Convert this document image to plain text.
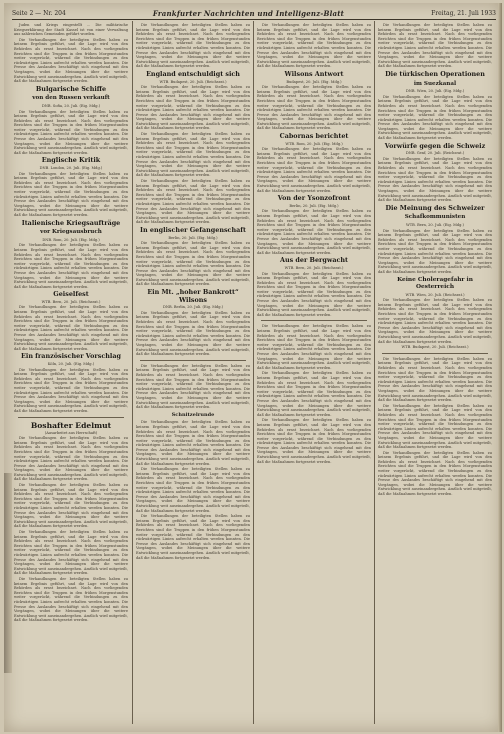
Seite 2 — Nr. 204	Frankfurter Nachrichten und Intelligenz-Blatt	Freitag, 21. Juli 1933

Juden und Kriegs eingestellt ... Die militärische Kriegserklärung der Stadt Kassel ist von einer Verwaltung aus zahlreichen Gemeinden geführt worden.

Die Verhandlungen der beteiligten Stellen haben zu keinem Ergebnis geführt, und die Lage wird von den Behörden als ernst bezeichnet. Nach den vorliegenden Berichten sind die Truppen in den frühen Morgenstunden weiter vorgerückt, während die Verbindungen zu den rückwärtigen Linien aufrecht erhalten werden konnten. Die Presse des Auslandes beschäftigt sich eingehend mit den Vorgängen, wobei die Meinungen über die weitere Entwicklung weit auseinandergehen. Amtlich wird mitgeteilt, daß die Maßnahmen fortgesetzt werden.

Bulgarische Schiffe
von den Russen verkauft
DNB. Sofia, 20. Juli. (Eig. Mdg.)

Die Verhandlungen der beteiligten Stellen haben zu keinem Ergebnis geführt, und die Lage wird von den Behörden als ernst bezeichnet. Nach den vorliegenden Berichten sind die Truppen in den frühen Morgenstunden weiter vorgerückt, während die Verbindungen zu den rückwärtigen Linien aufrecht erhalten werden konnten. Die Presse des Auslandes beschäftigt sich eingehend mit den Vorgängen, wobei die Meinungen über die weitere Entwicklung weit auseinandergehen. Amtlich wird mitgeteilt, daß die Maßnahmen fortgesetzt werden.

Englische Kritik
DNB. London, 20. Juli. (Eig. Mdg.)

Die Verhandlungen der beteiligten Stellen haben zu keinem Ergebnis geführt, und die Lage wird von den Behörden als ernst bezeichnet. Nach den vorliegenden Berichten sind die Truppen in den frühen Morgenstunden weiter vorgerückt, während die Verbindungen zu den rückwärtigen Linien aufrecht erhalten werden konnten. Die Presse des Auslandes beschäftigt sich eingehend mit den Vorgängen, wobei die Meinungen über die weitere Entwicklung weit auseinandergehen. Amtlich wird mitgeteilt, daß die Maßnahmen fortgesetzt werden.

Italienische Kriegsaufträge
vor Kriegsausbruch
DNB. Rom, 20. Juli. (Eig. Mdg.)

Die Verhandlungen der beteiligten Stellen haben zu keinem Ergebnis geführt, und die Lage wird von den Behörden als ernst bezeichnet. Nach den vorliegenden Berichten sind die Truppen in den frühen Morgenstunden weiter vorgerückt, während die Verbindungen zu den rückwärtigen Linien aufrecht erhalten werden konnten. Die Presse des Auslandes beschäftigt sich eingehend mit den Vorgängen, wobei die Meinungen über die weitere Entwicklung weit auseinandergehen. Amtlich wird mitgeteilt, daß die Maßnahmen fortgesetzt werden.

Geiselfest
WTB. Bern, 20. Juli. (Reichsrat.)

Die Verhandlungen der beteiligten Stellen haben zu keinem Ergebnis geführt, und die Lage wird von den Behörden als ernst bezeichnet. Nach den vorliegenden Berichten sind die Truppen in den frühen Morgenstunden weiter vorgerückt, während die Verbindungen zu den rückwärtigen Linien aufrecht erhalten werden konnten. Die Presse des Auslandes beschäftigt sich eingehend mit den Vorgängen, wobei die Meinungen über die weitere Entwicklung weit auseinandergehen. Amtlich wird mitgeteilt, daß die Maßnahmen fortgesetzt werden.

Ein französischer Vorschlag
Köln, 20. Juli. (Eig. Mdg.)

Die Verhandlungen der beteiligten Stellen haben zu keinem Ergebnis geführt, und die Lage wird von den Behörden als ernst bezeichnet. Nach den vorliegenden Berichten sind die Truppen in den frühen Morgenstunden weiter vorgerückt, während die Verbindungen zu den rückwärtigen Linien aufrecht erhalten werden konnten. Die Presse des Auslandes beschäftigt sich eingehend mit den Vorgängen, wobei die Meinungen über die weitere Entwicklung weit auseinandergehen. Amtlich wird mitgeteilt, daß die Maßnahmen fortgesetzt werden.

Boshafter Edelmut
(Ausarbeitet aus Herrschaft)

Die Verhandlungen der beteiligten Stellen haben zu keinem Ergebnis geführt, und die Lage wird von den Behörden als ernst bezeichnet. Nach den vorliegenden Berichten sind die Truppen in den frühen Morgenstunden weiter vorgerückt, während die Verbindungen zu den rückwärtigen Linien aufrecht erhalten werden konnten. Die Presse des Auslandes beschäftigt sich eingehend mit den Vorgängen, wobei die Meinungen über die weitere Entwicklung weit auseinandergehen. Amtlich wird mitgeteilt, daß die Maßnahmen fortgesetzt werden.

Die Verhandlungen der beteiligten Stellen haben zu keinem Ergebnis geführt, und die Lage wird von den Behörden als ernst bezeichnet. Nach den vorliegenden Berichten sind die Truppen in den frühen Morgenstunden weiter vorgerückt, während die Verbindungen zu den rückwärtigen Linien aufrecht erhalten werden konnten. Die Presse des Auslandes beschäftigt sich eingehend mit den Vorgängen, wobei die Meinungen über die weitere Entwicklung weit auseinandergehen. Amtlich wird mitgeteilt, daß die Maßnahmen fortgesetzt werden.

Die Verhandlungen der beteiligten Stellen haben zu keinem Ergebnis geführt, und die Lage wird von den Behörden als ernst bezeichnet. Nach den vorliegenden Berichten sind die Truppen in den frühen Morgenstunden weiter vorgerückt, während die Verbindungen zu den rückwärtigen Linien aufrecht erhalten werden konnten. Die Presse des Auslandes beschäftigt sich eingehend mit den Vorgängen, wobei die Meinungen über die weitere Entwicklung weit auseinandergehen. Amtlich wird mitgeteilt, daß die Maßnahmen fortgesetzt werden.

Die Verhandlungen der beteiligten Stellen haben zu keinem Ergebnis geführt, und die Lage wird von den Behörden als ernst bezeichnet. Nach den vorliegenden Berichten sind die Truppen in den frühen Morgenstunden weiter vorgerückt, während die Verbindungen zu den rückwärtigen Linien aufrecht erhalten werden konnten. Die Presse des Auslandes beschäftigt sich eingehend mit den Vorgängen, wobei die Meinungen über die weitere Entwicklung weit auseinandergehen. Amtlich wird mitgeteilt, daß die Maßnahmen fortgesetzt werden.

Die Verhandlungen der beteiligten Stellen haben zu keinem Ergebnis geführt, und die Lage wird von den Behörden als ernst bezeichnet. Nach den vorliegenden Berichten sind die Truppen in den frühen Morgenstunden weiter vorgerückt, während die Verbindungen zu den rückwärtigen Linien aufrecht erhalten werden konnten. Die Presse des Auslandes beschäftigt sich eingehend mit den Vorgängen, wobei die Meinungen über die weitere Entwicklung weit auseinandergehen. Amtlich wird mitgeteilt, daß die Maßnahmen fortgesetzt werden.

England entschuldigt sich
WTB. Budapest, 20. Juli. (Reichsrat.)

Die Verhandlungen der beteiligten Stellen haben zu keinem Ergebnis geführt, und die Lage wird von den Behörden als ernst bezeichnet. Nach den vorliegenden Berichten sind die Truppen in den frühen Morgenstunden weiter vorgerückt, während die Verbindungen zu den rückwärtigen Linien aufrecht erhalten werden konnten. Die Presse des Auslandes beschäftigt sich eingehend mit den Vorgängen, wobei die Meinungen über die weitere Entwicklung weit auseinandergehen. Amtlich wird mitgeteilt, daß die Maßnahmen fortgesetzt werden.

Die Verhandlungen der beteiligten Stellen haben zu keinem Ergebnis geführt, und die Lage wird von den Behörden als ernst bezeichnet. Nach den vorliegenden Berichten sind die Truppen in den frühen Morgenstunden weiter vorgerückt, während die Verbindungen zu den rückwärtigen Linien aufrecht erhalten werden konnten. Die Presse des Auslandes beschäftigt sich eingehend mit den Vorgängen, wobei die Meinungen über die weitere Entwicklung weit auseinandergehen. Amtlich wird mitgeteilt, daß die Maßnahmen fortgesetzt werden.

Die Verhandlungen der beteiligten Stellen haben zu keinem Ergebnis geführt, und die Lage wird von den Behörden als ernst bezeichnet. Nach den vorliegenden Berichten sind die Truppen in den frühen Morgenstunden weiter vorgerückt, während die Verbindungen zu den rückwärtigen Linien aufrecht erhalten werden konnten. Die Presse des Auslandes beschäftigt sich eingehend mit den Vorgängen, wobei die Meinungen über die weitere Entwicklung weit auseinandergehen. Amtlich wird mitgeteilt, daß die Maßnahmen fortgesetzt werden.

In englischer Gefangenschaft
Berlin, 20. Juli. (Eig. Mdg.)

Die Verhandlungen der beteiligten Stellen haben zu keinem Ergebnis geführt, und die Lage wird von den Behörden als ernst bezeichnet. Nach den vorliegenden Berichten sind die Truppen in den frühen Morgenstunden weiter vorgerückt, während die Verbindungen zu den rückwärtigen Linien aufrecht erhalten werden konnten. Die Presse des Auslandes beschäftigt sich eingehend mit den Vorgängen, wobei die Meinungen über die weitere Entwicklung weit auseinandergehen. Amtlich wird mitgeteilt, daß die Maßnahmen fortgesetzt werden.

Ein Mt. „hoher Bankrott“ Wilsons
DNB. Berlin, 20. Juli. (Eig. Mdg.)

Die Verhandlungen der beteiligten Stellen haben zu keinem Ergebnis geführt, und die Lage wird von den Behörden als ernst bezeichnet. Nach den vorliegenden Berichten sind die Truppen in den frühen Morgenstunden weiter vorgerückt, während die Verbindungen zu den rückwärtigen Linien aufrecht erhalten werden konnten. Die Presse des Auslandes beschäftigt sich eingehend mit den Vorgängen, wobei die Meinungen über die weitere Entwicklung weit auseinandergehen. Amtlich wird mitgeteilt, daß die Maßnahmen fortgesetzt werden.

Die Verhandlungen der beteiligten Stellen haben zu keinem Ergebnis geführt, und die Lage wird von den Behörden als ernst bezeichnet. Nach den vorliegenden Berichten sind die Truppen in den frühen Morgenstunden weiter vorgerückt, während die Verbindungen zu den rückwärtigen Linien aufrecht erhalten werden konnten. Die Presse des Auslandes beschäftigt sich eingehend mit den Vorgängen, wobei die Meinungen über die weitere Entwicklung weit auseinandergehen. Amtlich wird mitgeteilt, daß die Maßnahmen fortgesetzt werden.

Schnitzelrunde

Die Verhandlungen der beteiligten Stellen haben zu keinem Ergebnis geführt, und die Lage wird von den Behörden als ernst bezeichnet. Nach den vorliegenden Berichten sind die Truppen in den frühen Morgenstunden weiter vorgerückt, während die Verbindungen zu den rückwärtigen Linien aufrecht erhalten werden konnten. Die Presse des Auslandes beschäftigt sich eingehend mit den Vorgängen, wobei die Meinungen über die weitere Entwicklung weit auseinandergehen. Amtlich wird mitgeteilt, daß die Maßnahmen fortgesetzt werden.

Die Verhandlungen der beteiligten Stellen haben zu keinem Ergebnis geführt, und die Lage wird von den Behörden als ernst bezeichnet. Nach den vorliegenden Berichten sind die Truppen in den frühen Morgenstunden weiter vorgerückt, während die Verbindungen zu den rückwärtigen Linien aufrecht erhalten werden konnten. Die Presse des Auslandes beschäftigt sich eingehend mit den Vorgängen, wobei die Meinungen über die weitere Entwicklung weit auseinandergehen. Amtlich wird mitgeteilt, daß die Maßnahmen fortgesetzt werden.

Die Verhandlungen der beteiligten Stellen haben zu keinem Ergebnis geführt, und die Lage wird von den Behörden als ernst bezeichnet. Nach den vorliegenden Berichten sind die Truppen in den frühen Morgenstunden weiter vorgerückt, während die Verbindungen zu den rückwärtigen Linien aufrecht erhalten werden konnten. Die Presse des Auslandes beschäftigt sich eingehend mit den Vorgängen, wobei die Meinungen über die weitere Entwicklung weit auseinandergehen. Amtlich wird mitgeteilt, daß die Maßnahmen fortgesetzt werden.

Die Verhandlungen der beteiligten Stellen haben zu keinem Ergebnis geführt, und die Lage wird von den Behörden als ernst bezeichnet. Nach den vorliegenden Berichten sind die Truppen in den frühen Morgenstunden weiter vorgerückt, während die Verbindungen zu den rückwärtigen Linien aufrecht erhalten werden konnten. Die Presse des Auslandes beschäftigt sich eingehend mit den Vorgängen, wobei die Meinungen über die weitere Entwicklung weit auseinandergehen. Amtlich wird mitgeteilt, daß die Maßnahmen fortgesetzt werden.

Wilsons Antwort
Budapest, 20. Juli. (Eig. Mdg.)

Die Verhandlungen der beteiligten Stellen haben zu keinem Ergebnis geführt, und die Lage wird von den Behörden als ernst bezeichnet. Nach den vorliegenden Berichten sind die Truppen in den frühen Morgenstunden weiter vorgerückt, während die Verbindungen zu den rückwärtigen Linien aufrecht erhalten werden konnten. Die Presse des Auslandes beschäftigt sich eingehend mit den Vorgängen, wobei die Meinungen über die weitere Entwicklung weit auseinandergehen. Amtlich wird mitgeteilt, daß die Maßnahmen fortgesetzt werden.

Cabornas berichtet
WTB. Rom, 20. Juli. (Eig. Mdg.)

Die Verhandlungen der beteiligten Stellen haben zu keinem Ergebnis geführt, und die Lage wird von den Behörden als ernst bezeichnet. Nach den vorliegenden Berichten sind die Truppen in den frühen Morgenstunden weiter vorgerückt, während die Verbindungen zu den rückwärtigen Linien aufrecht erhalten werden konnten. Die Presse des Auslandes beschäftigt sich eingehend mit den Vorgängen, wobei die Meinungen über die weitere Entwicklung weit auseinandergehen. Amtlich wird mitgeteilt, daß die Maßnahmen fortgesetzt werden.

Von der Ysonzofront
Berlin, 20. Juli. (Eig. Mdg.)

Die Verhandlungen der beteiligten Stellen haben zu keinem Ergebnis geführt, und die Lage wird von den Behörden als ernst bezeichnet. Nach den vorliegenden Berichten sind die Truppen in den frühen Morgenstunden weiter vorgerückt, während die Verbindungen zu den rückwärtigen Linien aufrecht erhalten werden konnten. Die Presse des Auslandes beschäftigt sich eingehend mit den Vorgängen, wobei die Meinungen über die weitere Entwicklung weit auseinandergehen. Amtlich wird mitgeteilt, daß die Maßnahmen fortgesetzt werden.

Aus der Bergwacht
WTB. Bern, 20. Juli. (Reichsrat.)

Die Verhandlungen der beteiligten Stellen haben zu keinem Ergebnis geführt, und die Lage wird von den Behörden als ernst bezeichnet. Nach den vorliegenden Berichten sind die Truppen in den frühen Morgenstunden weiter vorgerückt, während die Verbindungen zu den rückwärtigen Linien aufrecht erhalten werden konnten. Die Presse des Auslandes beschäftigt sich eingehend mit den Vorgängen, wobei die Meinungen über die weitere Entwicklung weit auseinandergehen. Amtlich wird mitgeteilt, daß die Maßnahmen fortgesetzt werden.

Die Verhandlungen der beteiligten Stellen haben zu keinem Ergebnis geführt, und die Lage wird von den Behörden als ernst bezeichnet. Nach den vorliegenden Berichten sind die Truppen in den frühen Morgenstunden weiter vorgerückt, während die Verbindungen zu den rückwärtigen Linien aufrecht erhalten werden konnten. Die Presse des Auslandes beschäftigt sich eingehend mit den Vorgängen, wobei die Meinungen über die weitere Entwicklung weit auseinandergehen. Amtlich wird mitgeteilt, daß die Maßnahmen fortgesetzt werden.

Die Verhandlungen der beteiligten Stellen haben zu keinem Ergebnis geführt, und die Lage wird von den Behörden als ernst bezeichnet. Nach den vorliegenden Berichten sind die Truppen in den frühen Morgenstunden weiter vorgerückt, während die Verbindungen zu den rückwärtigen Linien aufrecht erhalten werden konnten. Die Presse des Auslandes beschäftigt sich eingehend mit den Vorgängen, wobei die Meinungen über die weitere Entwicklung weit auseinandergehen. Amtlich wird mitgeteilt, daß die Maßnahmen fortgesetzt werden.

Die Verhandlungen der beteiligten Stellen haben zu keinem Ergebnis geführt, und die Lage wird von den Behörden als ernst bezeichnet. Nach den vorliegenden Berichten sind die Truppen in den frühen Morgenstunden weiter vorgerückt, während die Verbindungen zu den rückwärtigen Linien aufrecht erhalten werden konnten. Die Presse des Auslandes beschäftigt sich eingehend mit den Vorgängen, wobei die Meinungen über die weitere Entwicklung weit auseinandergehen. Amtlich wird mitgeteilt, daß die Maßnahmen fortgesetzt werden.

Die Verhandlungen der beteiligten Stellen haben zu keinem Ergebnis geführt, und die Lage wird von den Behörden als ernst bezeichnet. Nach den vorliegenden Berichten sind die Truppen in den frühen Morgenstunden weiter vorgerückt, während die Verbindungen zu den rückwärtigen Linien aufrecht erhalten werden konnten. Die Presse des Auslandes beschäftigt sich eingehend mit den Vorgängen, wobei die Meinungen über die weitere Entwicklung weit auseinandergehen. Amtlich wird mitgeteilt, daß die Maßnahmen fortgesetzt werden.

Die türkischen Operationen
im Suezkanal
DNB. Wien, 20. Juli. (Eig. Mdg.)

Die Verhandlungen der beteiligten Stellen haben zu keinem Ergebnis geführt, und die Lage wird von den Behörden als ernst bezeichnet. Nach den vorliegenden Berichten sind die Truppen in den frühen Morgenstunden weiter vorgerückt, während die Verbindungen zu den rückwärtigen Linien aufrecht erhalten werden konnten. Die Presse des Auslandes beschäftigt sich eingehend mit den Vorgängen, wobei die Meinungen über die weitere Entwicklung weit auseinandergehen. Amtlich wird mitgeteilt, daß die Maßnahmen fortgesetzt werden.

Vorwürfe gegen die Schweiz
DNB. Genf, 20. Juli. (Reichsrat.)

Die Verhandlungen der beteiligten Stellen haben zu keinem Ergebnis geführt, und die Lage wird von den Behörden als ernst bezeichnet. Nach den vorliegenden Berichten sind die Truppen in den frühen Morgenstunden weiter vorgerückt, während die Verbindungen zu den rückwärtigen Linien aufrecht erhalten werden konnten. Die Presse des Auslandes beschäftigt sich eingehend mit den Vorgängen, wobei die Meinungen über die weitere Entwicklung weit auseinandergehen. Amtlich wird mitgeteilt, daß die Maßnahmen fortgesetzt werden.

Die Meinung des Schweizer
Schafkommunisten
WTB. Bern, 20. Juli. (Eig. Mdg.)

Die Verhandlungen der beteiligten Stellen haben zu keinem Ergebnis geführt, und die Lage wird von den Behörden als ernst bezeichnet. Nach den vorliegenden Berichten sind die Truppen in den frühen Morgenstunden weiter vorgerückt, während die Verbindungen zu den rückwärtigen Linien aufrecht erhalten werden konnten. Die Presse des Auslandes beschäftigt sich eingehend mit den Vorgängen, wobei die Meinungen über die weitere Entwicklung weit auseinandergehen. Amtlich wird mitgeteilt, daß die Maßnahmen fortgesetzt werden.

Keine Choleragefahr in Oesterreich
WTB. Wien, 20. Juli. (Reichsrat.)

Die Verhandlungen der beteiligten Stellen haben zu keinem Ergebnis geführt, und die Lage wird von den Behörden als ernst bezeichnet. Nach den vorliegenden Berichten sind die Truppen in den frühen Morgenstunden weiter vorgerückt, während die Verbindungen zu den rückwärtigen Linien aufrecht erhalten werden konnten. Die Presse des Auslandes beschäftigt sich eingehend mit den Vorgängen, wobei die Meinungen über die weitere Entwicklung weit auseinandergehen. Amtlich wird mitgeteilt, daß die Maßnahmen fortgesetzt werden.

WTB. Budapest, 20. Juli. (Reichsrat.)

Die Verhandlungen der beteiligten Stellen haben zu keinem Ergebnis geführt, und die Lage wird von den Behörden als ernst bezeichnet. Nach den vorliegenden Berichten sind die Truppen in den frühen Morgenstunden weiter vorgerückt, während die Verbindungen zu den rückwärtigen Linien aufrecht erhalten werden konnten. Die Presse des Auslandes beschäftigt sich eingehend mit den Vorgängen, wobei die Meinungen über die weitere Entwicklung weit auseinandergehen. Amtlich wird mitgeteilt, daß die Maßnahmen fortgesetzt werden.

Die Verhandlungen der beteiligten Stellen haben zu keinem Ergebnis geführt, und die Lage wird von den Behörden als ernst bezeichnet. Nach den vorliegenden Berichten sind die Truppen in den frühen Morgenstunden weiter vorgerückt, während die Verbindungen zu den rückwärtigen Linien aufrecht erhalten werden konnten. Die Presse des Auslandes beschäftigt sich eingehend mit den Vorgängen, wobei die Meinungen über die weitere Entwicklung weit auseinandergehen. Amtlich wird mitgeteilt, daß die Maßnahmen fortgesetzt werden.

Die Verhandlungen der beteiligten Stellen haben zu keinem Ergebnis geführt, und die Lage wird von den Behörden als ernst bezeichnet. Nach den vorliegenden Berichten sind die Truppen in den frühen Morgenstunden weiter vorgerückt, während die Verbindungen zu den rückwärtigen Linien aufrecht erhalten werden konnten. Die Presse des Auslandes beschäftigt sich eingehend mit den Vorgängen, wobei die Meinungen über die weitere Entwicklung weit auseinandergehen. Amtlich wird mitgeteilt, daß die Maßnahmen fortgesetzt werden.
